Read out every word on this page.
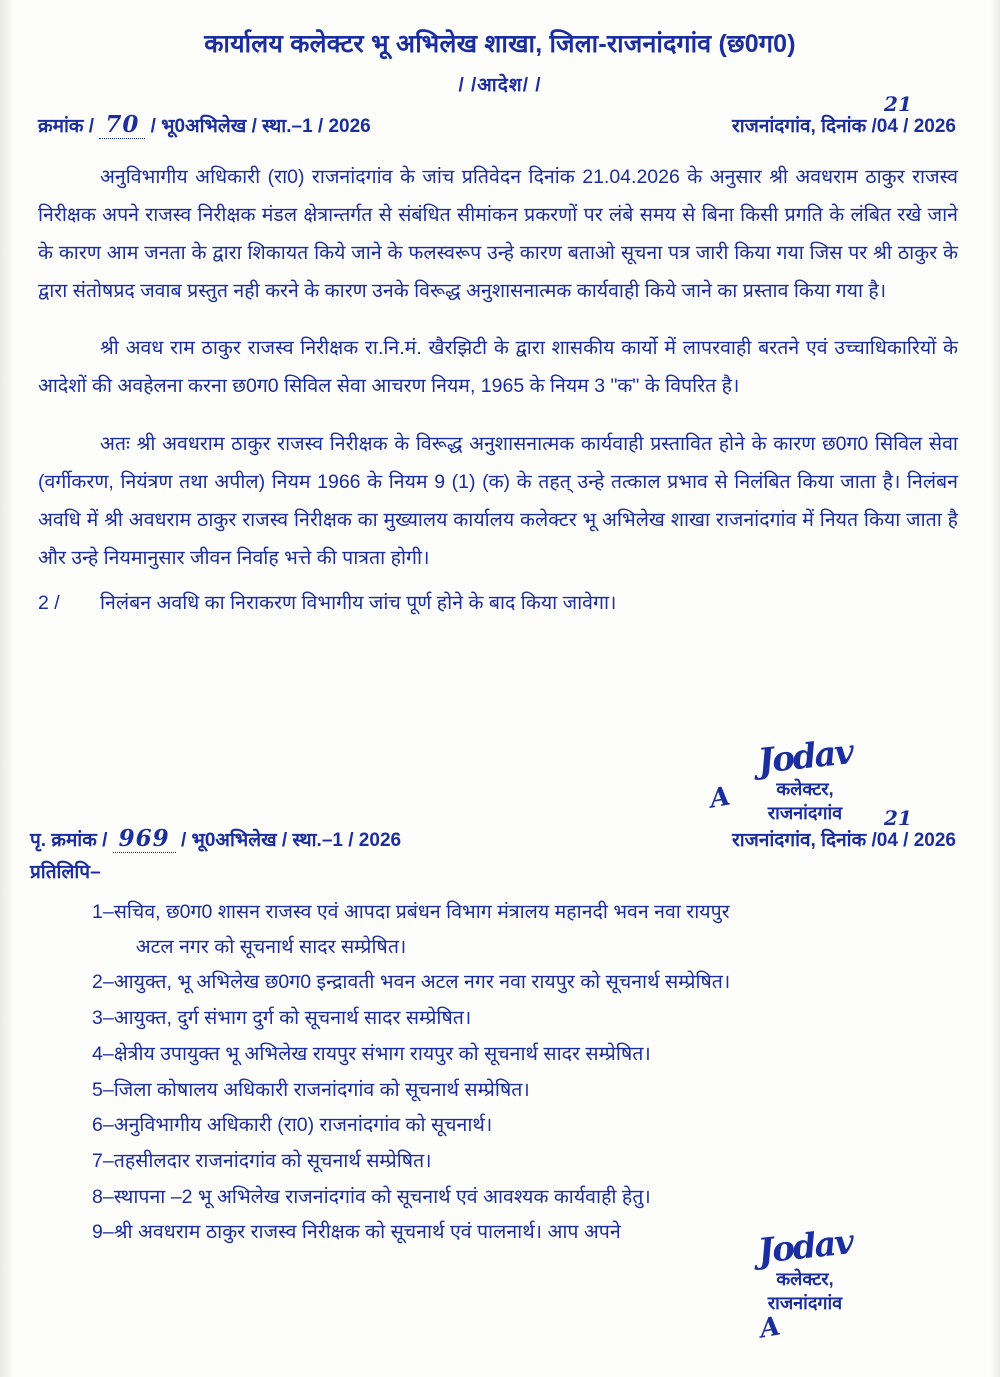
कार्यालय कलेक्टर भू अभिलेख शाखा, जिला-राजनांदगांव (छ0ग0)
/ /आदेश/ /
क्रमांक / 70 / भू0अभिलेख / स्था.–1 / 2026
21
राजनांदगांव, दिनांक /04 / 2026

अनुविभागीय अधिकारी (रा0) राजनांदगांव के जांच प्रतिवेदन दिनांक 21.04.2026 के अनुसार श्री अवधराम ठाकुर राजस्व निरीक्षक अपने राजस्व निरीक्षक मंडल क्षेत्रान्तर्गत से संबंधित सीमांकन प्रकरणों पर लंबे समय से बिना किसी प्रगति के लंबित रखे जाने के कारण आम जनता के द्वारा शिकायत किये जाने के फलस्वरूप उन्हे कारण बताओ सूचना पत्र जारी किया गया जिस पर श्री ठाकुर के द्वारा संतोषप्रद जवाब प्रस्तुत नही करने के कारण उनके विरूद्ध अनुशासनात्मक कार्यवाही किये जाने का प्रस्ताव किया गया है।

श्री अवध राम ठाकुर राजस्व निरीक्षक रा.नि.मं. खैरझिटी के द्वारा शासकीय कार्यो में लापरवाही बरतने एवं उच्चाधिकारियों के आदेशों की अवहेलना करना छ0ग0 सिविल सेवा आचरण नियम, 1965 के नियम 3 "क" के विपरित है।

अतः श्री अवधराम ठाकुर राजस्व निरीक्षक के विरूद्ध अनुशासनात्मक कार्यवाही प्रस्तावित होने के कारण छ0ग0 सिविल सेवा (वर्गीकरण, नियंत्रण तथा अपील) नियम 1966 के नियम 9 (1) (क) के तहत् उन्हे तत्काल प्रभाव से निलंबित किया जाता है। निलंबन अवधि में श्री अवधराम ठाकुर राजस्व निरीक्षक का मुख्यालय कार्यालय कलेक्टर भू अभिलेख शाखा राजनांदगांव में नियत किया जाता है और उन्हे नियमानुसार जीवन निर्वाह भत्ते की पात्रता होगी।

2 /	निलंबन अवधि का निराकरण विभागीय जांच पूर्ण होने के बाद किया जावेगा।
Jodav
कलेक्टर,
राजनांदगांव
A
पृ. क्रमांक / 969 / भू0अभिलेख / स्था.–1 / 2026
21
राजनांदगांव, दिनांक /04 / 2026
प्रतिलिपि–
1– सचिव, छ0ग0 शासन राजस्व एवं आपदा प्रबंधन विभाग मंत्रालय महानदी भवन नवा रायपुर
अटल नगर को सूचनार्थ सादर सम्प्रेषित।
2– आयुक्त, भू अभिलेख छ0ग0 इन्द्रावती भवन अटल नगर नवा रायपुर को सूचनार्थ सम्प्रेषित।
3– आयुक्त, दुर्ग संभाग दुर्ग को सूचनार्थ सादर सम्प्रेषित।
4– क्षेत्रीय उपायुक्त भू अभिलेख रायपुर संभाग रायपुर को सूचनार्थ सादर सम्प्रेषित।
5– जिला कोषालय अधिकारी राजनांदगांव को सूचनार्थ सम्प्रेषित।
6– अनुविभागीय अधिकारी (रा0) राजनांदगांव को सूचनार्थ।
7– तहसीलदार राजनांदगांव को सूचनार्थ सम्प्रेषित।
8– स्थापना –2 भू अभिलेख राजनांदगांव को सूचनार्थ एवं आवश्यक कार्यवाही हेतु।
9– श्री अवधराम ठाकुर राजस्व निरीक्षक को सूचनार्थ एवं पालनार्थ। आप अपने	Jodav
कलेक्टर,
राजनांदगांव
A
